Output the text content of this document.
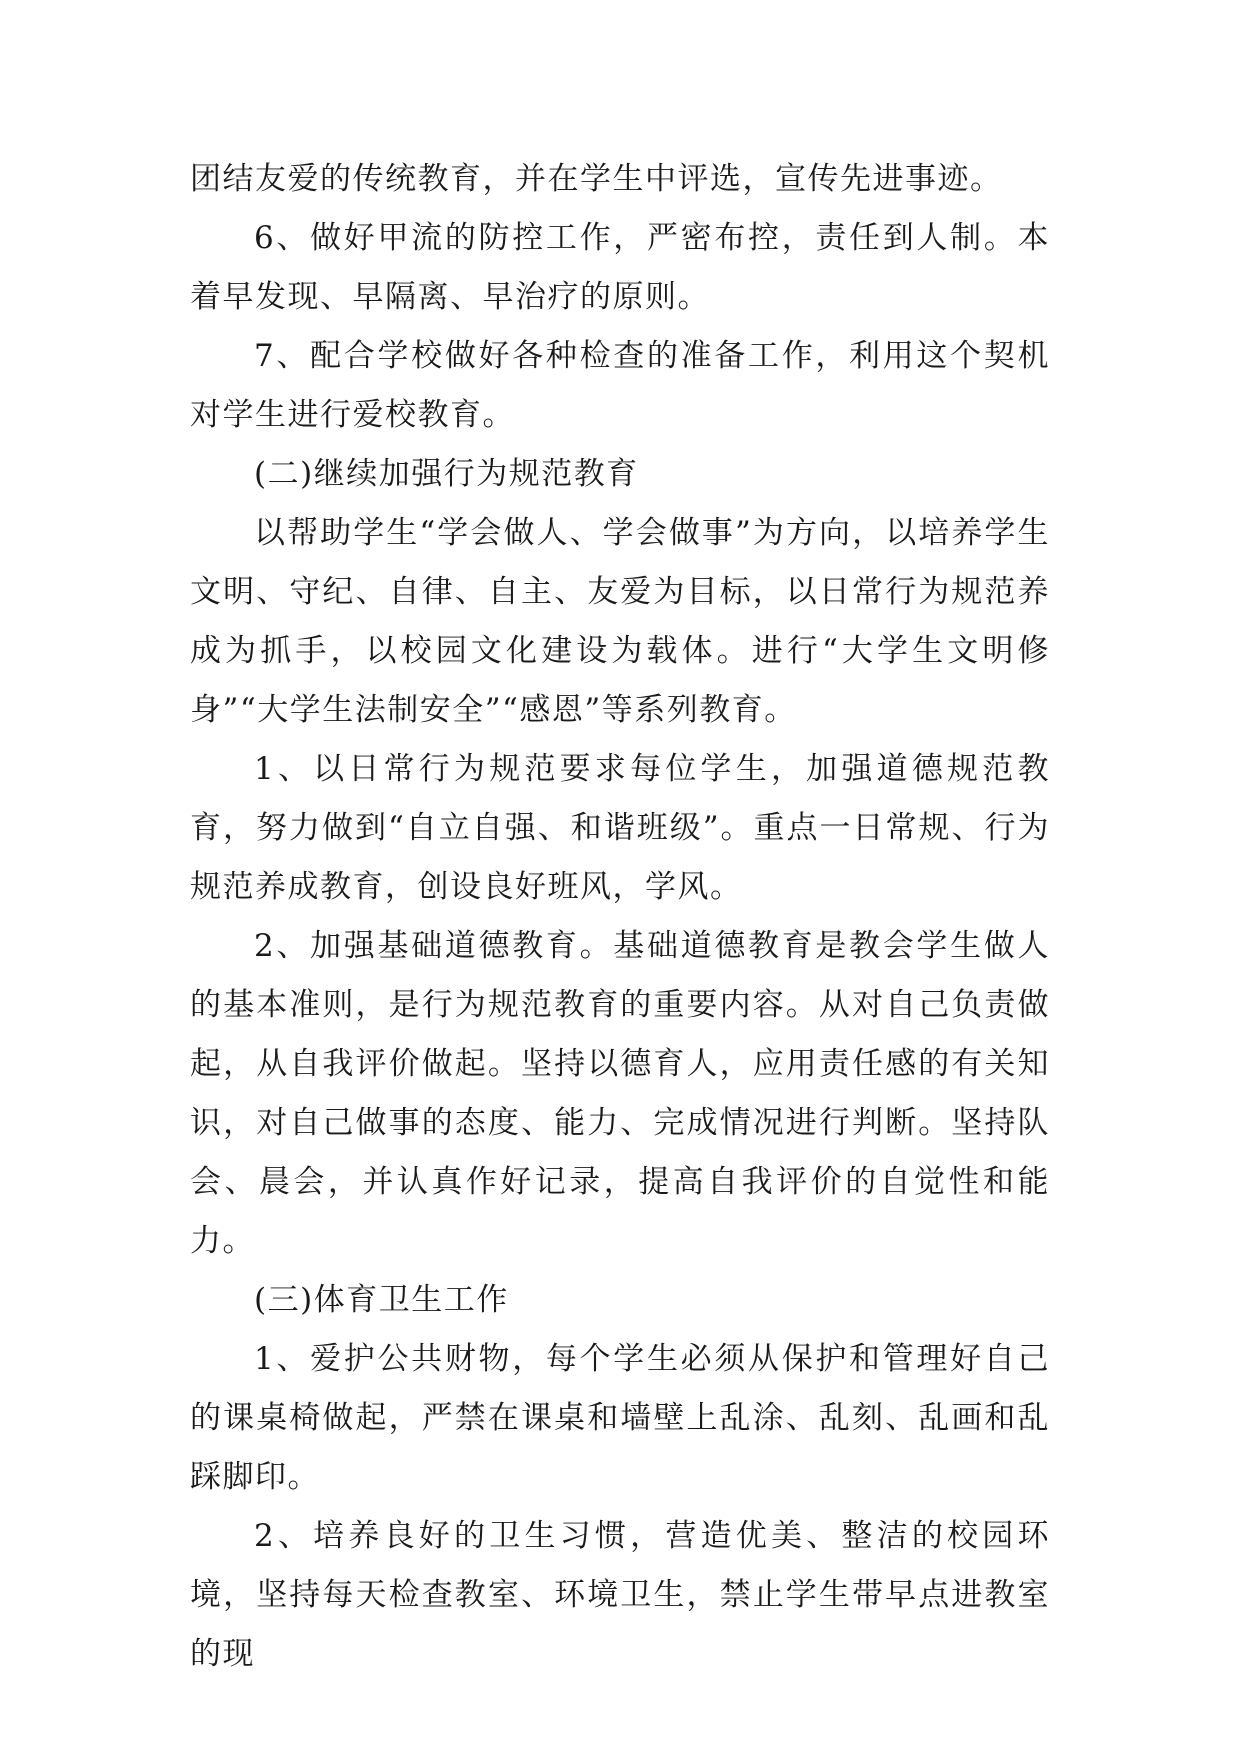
团结友爱的传统教育，并在学生中评选，宣传先进事迹。

6、做好甲流的防控工作，严密布控，责任到人制。本着早发现、早隔离、早治疗的原则。

7、配合学校做好各种检查的准备工作，利用这个契机对学生进行爱校教育。

(二)继续加强行为规范教育

以帮助学生“学会做人、学会做事”为方向，以培养学生文明、守纪、自律、自主、友爱为目标，以日常行为规范养成为抓手，以校园文化建设为载体。进行“大学生文明修身”“大学生法制安全”“感恩”等系列教育。

1、以日常行为规范要求每位学生，加强道德规范教育，努力做到“自立自强、和谐班级”。重点一日常规、行为规范养成教育，创设良好班风，学风。

2、加强基础道德教育。基础道德教育是教会学生做人的基本准则，是行为规范教育的重要内容。从对自己负责做起，从自我评价做起。坚持以德育人，应用责任感的有关知识，对自己做事的态度、能力、完成情况进行判断。坚持队会、晨会，并认真作好记录，提高自我评价的自觉性和能力。

(三)体育卫生工作

1、爱护公共财物，每个学生必须从保护和管理好自己的课桌椅做起，严禁在课桌和墙壁上乱涂、乱刻、乱画和乱踩脚印。

2、培养良好的卫生习惯，营造优美、整洁的校园环境，坚持每天检查教室、环境卫生，禁止学生带早点进教室的现
